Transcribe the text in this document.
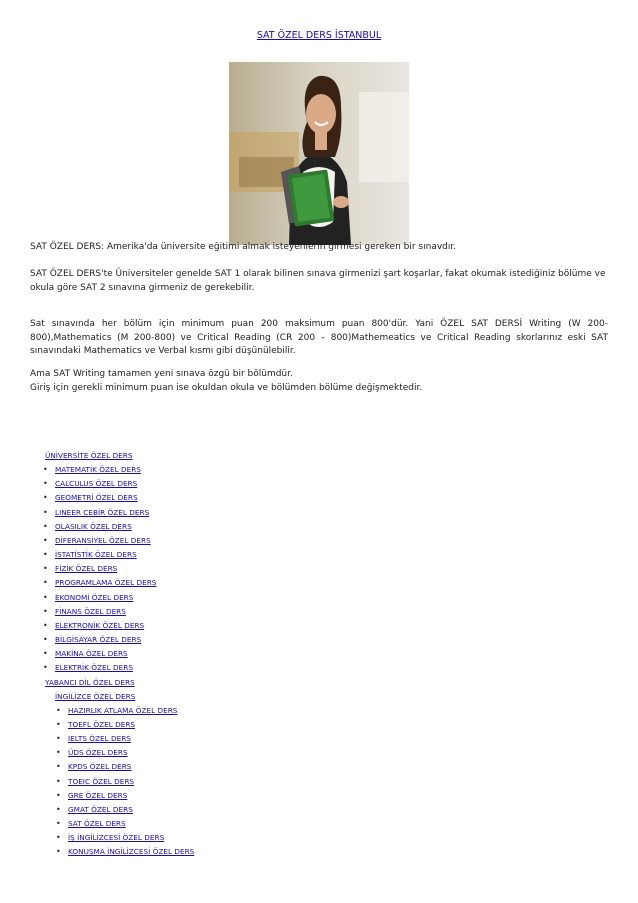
SAT ÖZEL DERS İSTANBUL

SAT ÖZEL DERS: Amerika'da üniversite eğitimi almak isteyenlerin girmesi gereken bir sınavdır.

SAT ÖZEL DERS'te Üniversiteler genelde SAT 1 olarak bilinen sınava girmenizi şart koşarlar, fakat okumak istediğiniz bölüme ve okula göre SAT 2 sınavına girmeniz de gerekebilir.

Sat sınavında her bölüm için minimum puan 200 maksimum puan 800'dür. Yani ÖZEL SAT DERSİ Writing (W 200-800),Mathematics (M 200-800) ve Critical Reading (CR 200 – 800)Mathemeatics ve Critical Reading skorlarınız eski SAT sınavındaki Mathematics ve Verbal kısmı gibi düşünülebilir.

Ama SAT Writing tamamen yeni sınava özgü bir bölümdür.
Giriş için gerekli minimum puan ise okuldan okula ve bölümden bölüme değişmektedir.

ÜNİVERSİTE ÖZEL DERS
• MATEMATİK ÖZEL DERS
• CALCULUS ÖZEL DERS
• GEOMETRİ ÖZEL DERS
• LINEER CEBİR ÖZEL DERS
• OLASILIK ÖZEL DERS
• DİFERANSİYEL ÖZEL DERS
• İSTATİSTİK ÖZEL DERS
• FİZİK ÖZEL DERS
• PROGRAMLAMA ÖZEL DERS
• EKONOMİ ÖZEL DERS
• FİNANS ÖZEL DERS
• ELEKTRONİK ÖZEL DERS
• BİLGİSAYAR ÖZEL DERS
• MAKİNA ÖZEL DERS
• ELEKTRİK ÖZEL DERS
YABANCI DİL ÖZEL DERS
İNGİLİZCE ÖZEL DERS
• HAZIRLIK ATLAMA ÖZEL DERS
• TOEFL ÖZEL DERS
• IELTS ÖZEL DERS
• ÜDS ÖZEL DERS
• KPDS ÖZEL DERS
• TOEIC ÖZEL DERS
• GRE ÖZEL DERS
• GMAT ÖZEL DERS
• SAT ÖZEL DERS
• İŞ İNGİLİZCESİ ÖZEL DERS
• KONUŞMA İNGİLİZCESİ ÖZEL DERS
